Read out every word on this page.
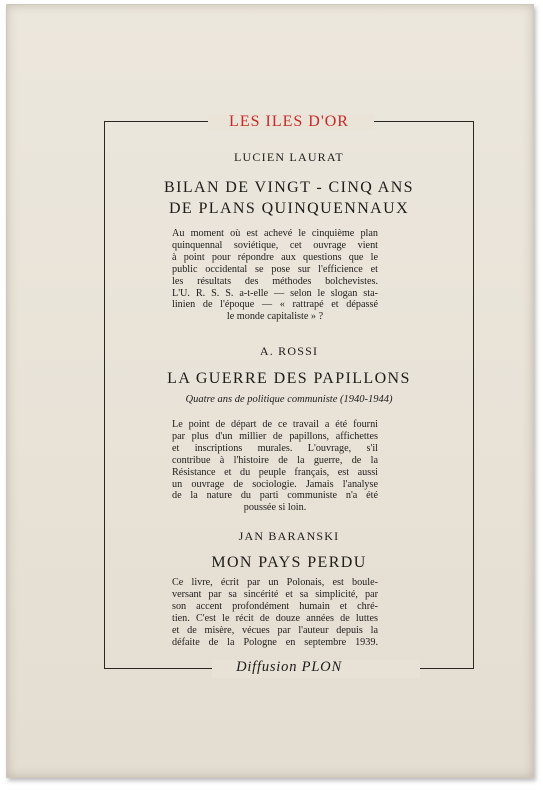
LES ILES D'OR
LUCIEN LAURAT
BILAN DE VINGT - CINQ ANS
DE PLANS QUINQUENNAUX
Au moment où est achevé le cinquième plan
quinquennal soviétique, cet ouvrage vient
à point pour répondre aux questions que le
public occidental se pose sur l'efficience et
les résultats des méthodes bolchevistes.
L'U. R. S. S. a-t-elle — selon le slogan sta-
linien de l'époque — « rattrapé et dépassé
le monde capitaliste » ?
A. ROSSI
LA GUERRE DES PAPILLONS
Quatre ans de politique communiste (1940-1944)
Le point de départ de ce travail a été fourni
par plus d'un millier de papillons, affichettes
et inscriptions murales. L'ouvrage, s'il
contribue à l'histoire de la guerre, de la
Résistance et du peuple français, est aussi
un ouvrage de sociologie. Jamais l'analyse
de la nature du parti communiste n'a été
poussée si loin.
JAN BARANSKI
MON PAYS PERDU
Ce livre, écrit par un Polonais, est boule-
versant par sa sincérité et sa simplicité, par
son accent profondément humain et chré-
tien. C'est le récit de douze années de luttes
et de misère, vécues par l'auteur depuis la
défaite de la Pologne en septembre 1939.
Diffusion PLON
